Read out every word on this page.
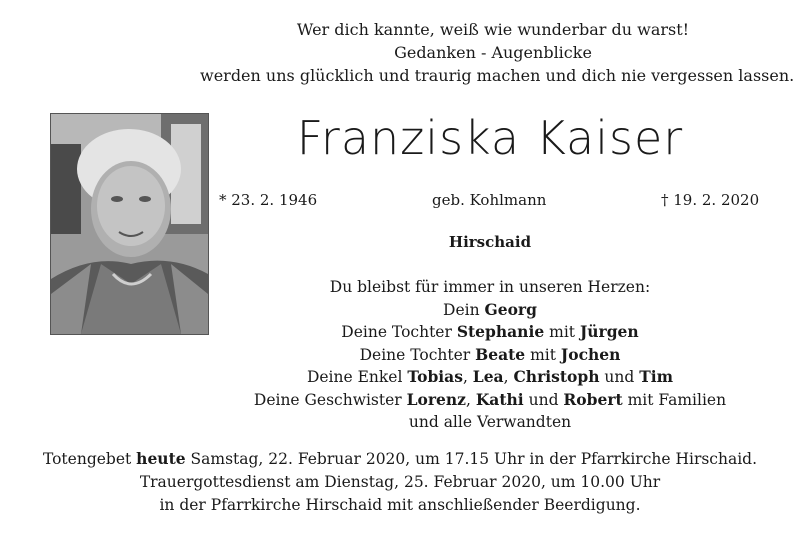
Wer dich kannte, weiß wie wunderbar du warst!
Gedanken - Augenblicke
werden uns glücklich und traurig machen und dich nie vergessen lassen.
Franziska Kaiser
* 23. 2. 1946	geb. Kohlmann	† 19. 2. 2020
Hirschaid
Du bleibst für immer in unseren Herzen:
Dein Georg
Deine Tochter Stephanie mit Jürgen
Deine Tochter Beate mit Jochen
Deine Enkel Tobias, Lea, Christoph und Tim
Deine Geschwister Lorenz, Kathi und Robert mit Familien
und alle Verwandten
Totengebet heute Samstag, 22. Februar 2020, um 17.15 Uhr in der Pfarrkirche Hirschaid.
Trauergottesdienst am Dienstag, 25. Februar 2020, um 10.00 Uhr
in der Pfarrkirche Hirschaid mit anschließender Beerdigung.
